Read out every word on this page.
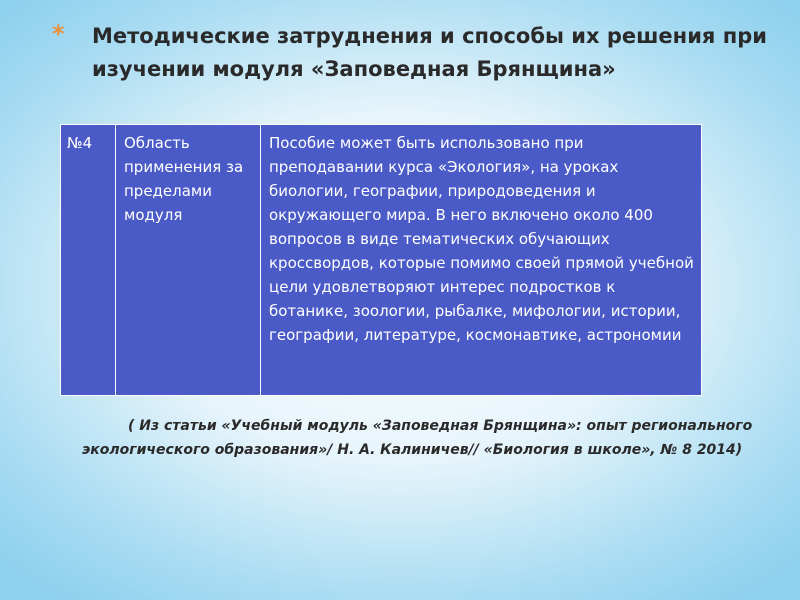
* Методические затруднения и способы их решения при изучении модуля «Заповедная Брянщина»
№4	Область применения за пределами модуля
Пособие может быть использовано при преподавании курса «Экология», на уроках биологии, географии, природоведения и окружающего мира. В него включено около 400 вопросов в виде тематических обучающих кроссвордов, которые помимо своей прямой учебной цели удовлетворяют интерес подростков к ботанике, зоологии, рыбалке, мифологии, истории, географии, литературе, космонавтике, астрономии

( Из статьи «Учебный модуль «Заповедная Брянщина»: опыт регионального экологического образования»/ Н. А. Калиничев// «Биология в школе», № 8 2014)
